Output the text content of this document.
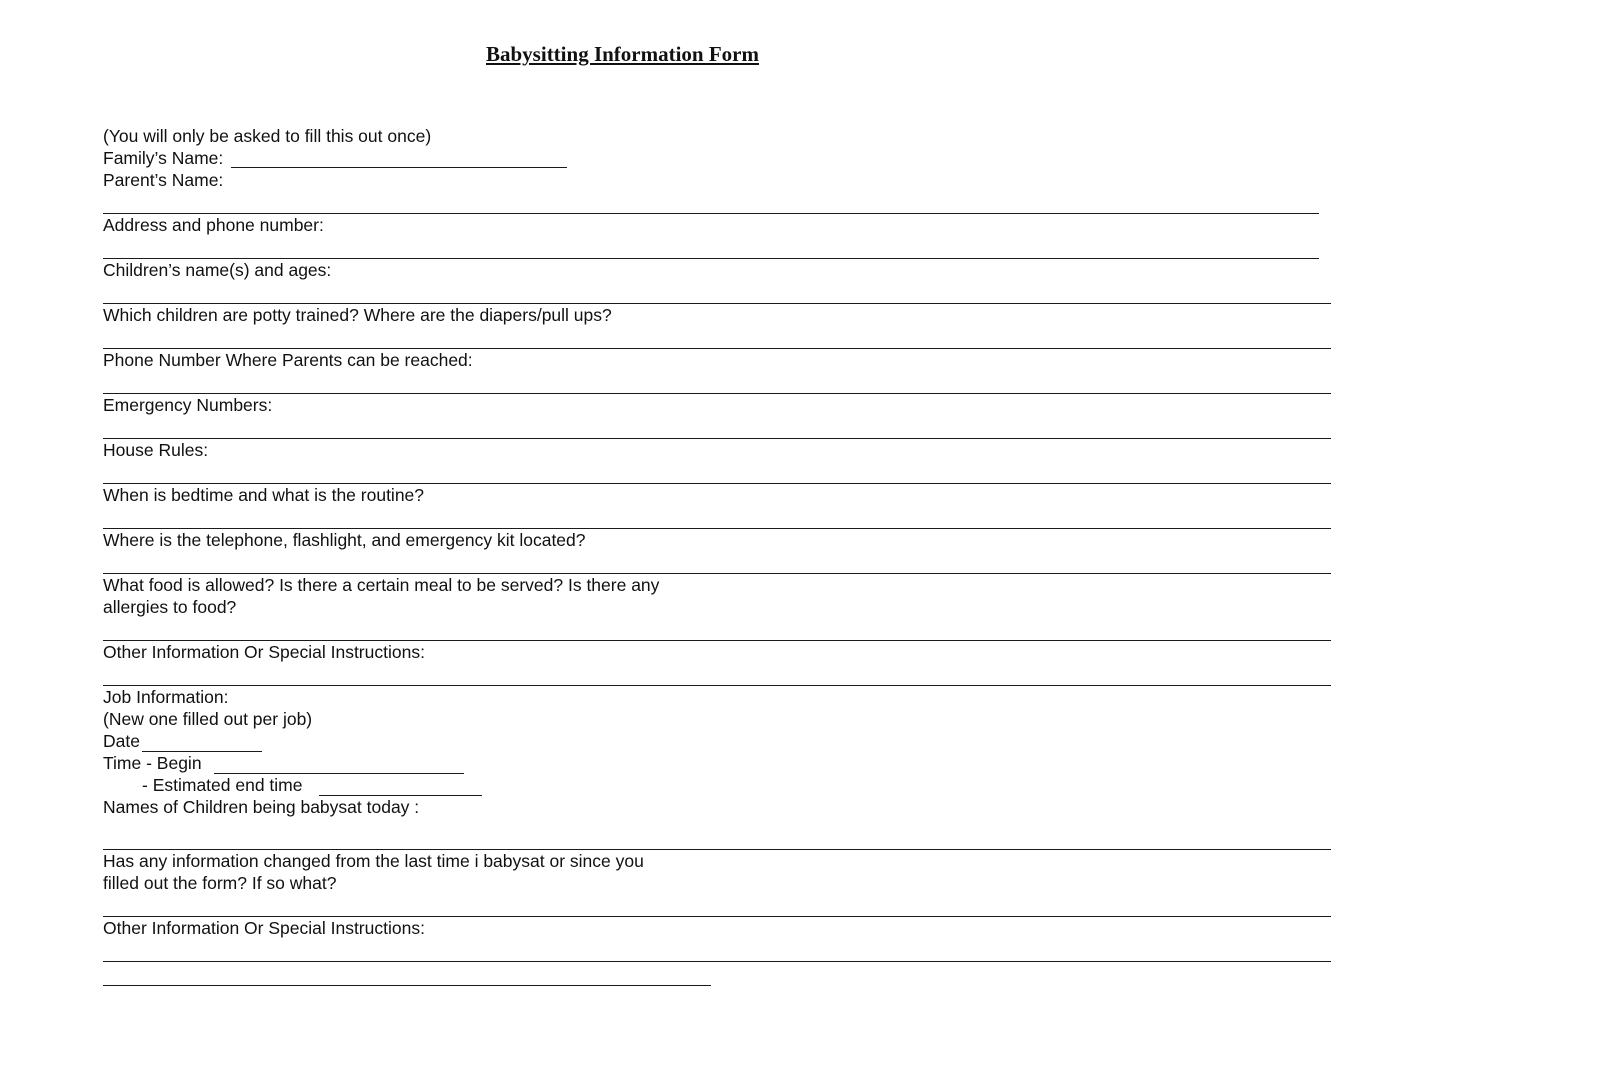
Babysitting Information Form

(You will only be asked to fill this out once)

Family’s Name:

Parent’s Name:

Address and phone number:

Children’s name(s) and ages:

Which children are potty trained? Where are the diapers/pull ups?

Phone Number Where Parents can be reached:

Emergency Numbers:

House Rules:

When is bedtime and what is the routine?

Where is the telephone, flashlight, and emergency kit located?

What food is allowed? Is there a certain meal to be served? Is there any

allergies to food?

Other Information Or Special Instructions:

Job Information:

(New one filled out per job)

Date

Time - Begin

- Estimated end time

Names of Children being babysat today :

Has any information changed from the last time i babysat or since you

filled out the form? If so what?

Other Information Or Special Instructions:
